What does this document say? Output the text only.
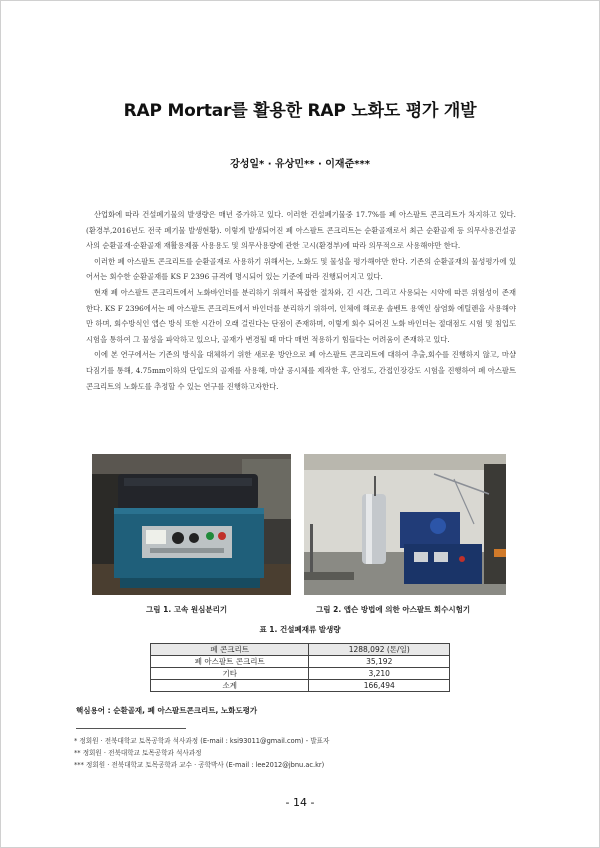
RAP Mortar를 활용한 RAP 노화도 평가 개발
강성일* · 유상민** · 이재준***

산업화에 따라 건설폐기물의 발생량은 매년 증가하고 있다. 이러한 건설폐기물중 17.7%를 폐 아스팔트 콘크리트가 차지하고 있다.(환경부,2016년도 전국 폐기물 발생현황). 이렇게 발생되어진 폐 아스팔트 콘크리트는 순환골재로서 최근 순환골재 등 의무사용건설공사의 순환골재·순환골재 재활용제품 사용용도 및 의무사용량에 관한 고시(환경부)에 따라 의무적으로 사용해야만 한다.

이러한 폐 아스팔트 콘크리트를 순환골재로 사용하기 위해서는, 노화도 및 물성을 평가해야만 한다. 기존의 순환골재의 물성평가에 있어서는 회수한 순환골재를 KS F 2396 규격에 명시되어 있는 기준에 따라 진행되어지고 있다.

현재 폐 아스팔트 콘크리트에서 노화바인더를 분리하기 위해서 복잡한 절차와, 긴 시간, 그리고 사용되는 시약에 따른 위험성이 존재한다. KS F 2396에서는 폐 아스팔트 콘크리트에서 바인더를 분리하기 위하여, 인체에 해로운 솔벤트 용액인 삼염화 에틸렌을 사용해야만 하며, 회수방식인 앱슨 방식 또한 시간이 오래 걸린다는 단점이 존재하며, 이렇게 회수 되어진 노화 바인더는 절대점도 시험 및 침입도 시험을 통하여 그 물성을 파악하고 있으나, 골재가 변경될 때 마다 매번 적용하기 힘들다는 어려움이 존재하고 있다.

이에 본 연구에서는 기존의 방식을 대체하기 위한 새로운 방안으로 폐 아스팔트 콘크리트에 대하여 추출,회수를 진행하지 않고, 마샬 다짐기를 통해, 4.75mm이하의 단입도의 골재를 사용해, 마샬 공시체를 제작한 후, 안정도, 간접인장강도 시험을 진행하여 폐 아스팔트 콘크리트의 노화도를 추정할 수 있는 연구를 진행하고자한다.

그림 1. 고속 원심분리기	그림 2. 앱슨 방법에 의한 아스팔트 회수시험기
표 1. 건설폐재류 발생량
폐 콘크리트	1288,092 (톤/일)
폐 아스팔트 콘크리트	35,192
기타	3,210
소계	166,494
핵심용어 : 순환골재, 폐 아스팔트콘크리트, 노화도평가
* 정회원 · 전북대학교 토목공학과 석사과정 (E-mail : ksi93011@gmail.com) - 발표자
** 정회원 · 전북대학교 토목공학과 석사과정
*** 정회원 · 전북대학교 토목공학과 교수 · 공학박사 (E-mail : lee2012@jbnu.ac.kr)
- 14 -
